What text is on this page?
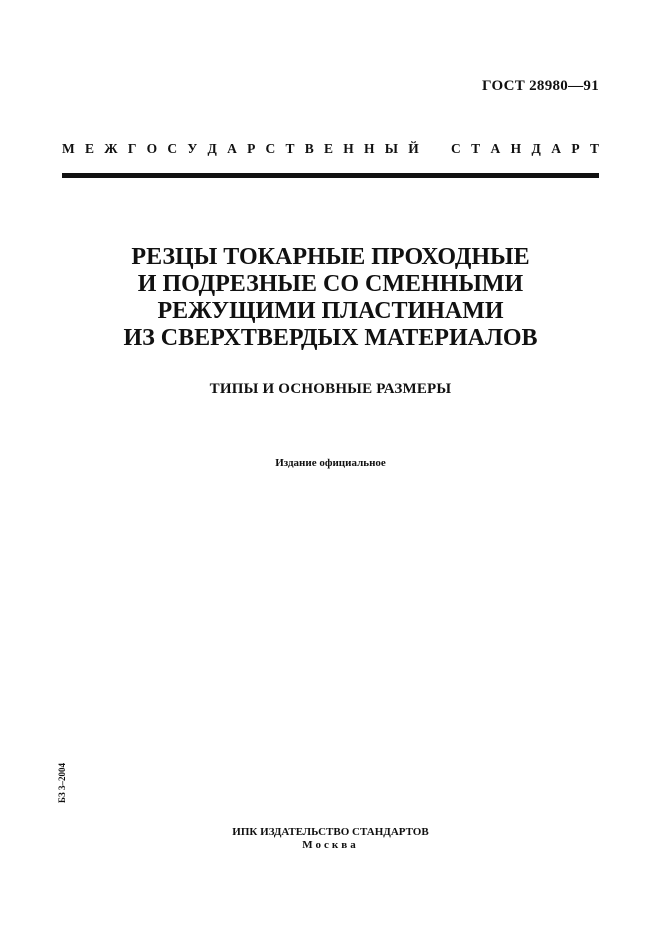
ГОСТ 28980—91
М Е Ж Г О С У Д А Р С Т В Е Н Н Ы Й С Т А Н Д А Р Т
РЕЗЦЫ ТОКАРНЫЕ ПРОХОДНЫЕ
И ПОДРЕЗНЫЕ СО СМЕННЫМИ
РЕЖУЩИМИ ПЛАСТИНАМИ
ИЗ СВЕРХТВЕРДЫХ МАТЕРИАЛОВ
ТИПЫ И ОСНОВНЫЕ РАЗМЕРЫ
Издание официальное
БЗ 3–2004
ИПК ИЗДАТЕЛЬСТВО СТАНДАРТОВ
Москва
